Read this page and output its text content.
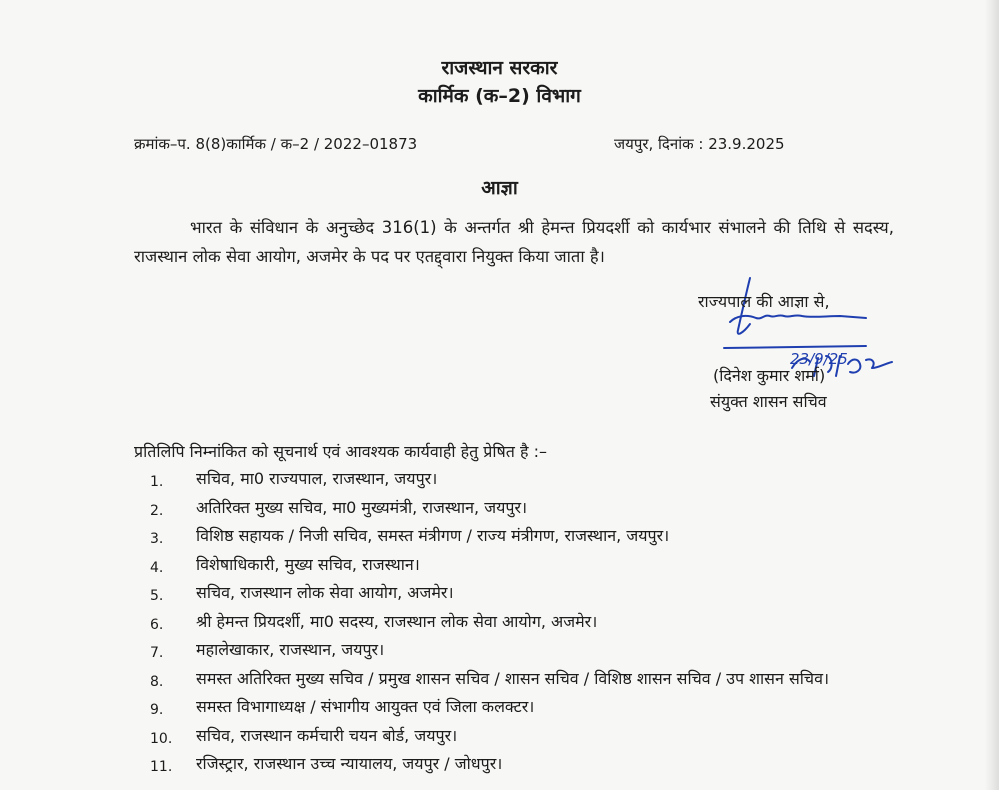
राजस्थान सरकार
कार्मिक (क–2) विभाग
क्रमांक–प. 8(8)कार्मिक / क–2 / 2022–01873	जयपुर, दिनांक : 23.9.2025
आज्ञा
भारत के संविधान के अनुच्छेद 316(1) के अन्तर्गत श्री हेमन्त प्रियदर्शी को कार्यभार संभालने की तिथि से सदस्य, राजस्थान लोक सेवा आयोग, अजमेर के पद पर एतद्द्वारा नियुक्त किया जाता है।
राज्यपाल की आज्ञा से,
(दिनेश कुमार शर्मा)
संयुक्त शासन सचिव
23/9/25
प्रतिलिपि निम्नांकित को सूचनार्थ एवं आवश्यक कार्यवाही हेतु प्रेषित है :–
1. सचिव, मा0 राज्यपाल, राजस्थान, जयपुर।
2. अतिरिक्त मुख्य सचिव, मा0 मुख्यमंत्री, राजस्थान, जयपुर।
3. विशिष्ठ सहायक / निजी सचिव, समस्त मंत्रीगण / राज्य मंत्रीगण, राजस्थान, जयपुर।
4. विशेषाधिकारी, मुख्य सचिव, राजस्थान।
5. सचिव, राजस्थान लोक सेवा आयोग, अजमेर।
6. श्री हेमन्त प्रियदर्शी, मा0 सदस्य, राजस्थान लोक सेवा आयोग, अजमेर।
7. महालेखाकार, राजस्थान, जयपुर।
8. समस्त अतिरिक्त मुख्य सचिव / प्रमुख शासन सचिव / शासन सचिव / विशिष्ठ शासन सचिव / उप शासन सचिव।
9. समस्त विभागाध्यक्ष / संभागीय आयुक्त एवं जिला कलक्टर।
10. सचिव, राजस्थान कर्मचारी चयन बोर्ड, जयपुर।
11. रजिस्ट्रार, राजस्थान उच्च न्यायालय, जयपुर / जोधपुर।
